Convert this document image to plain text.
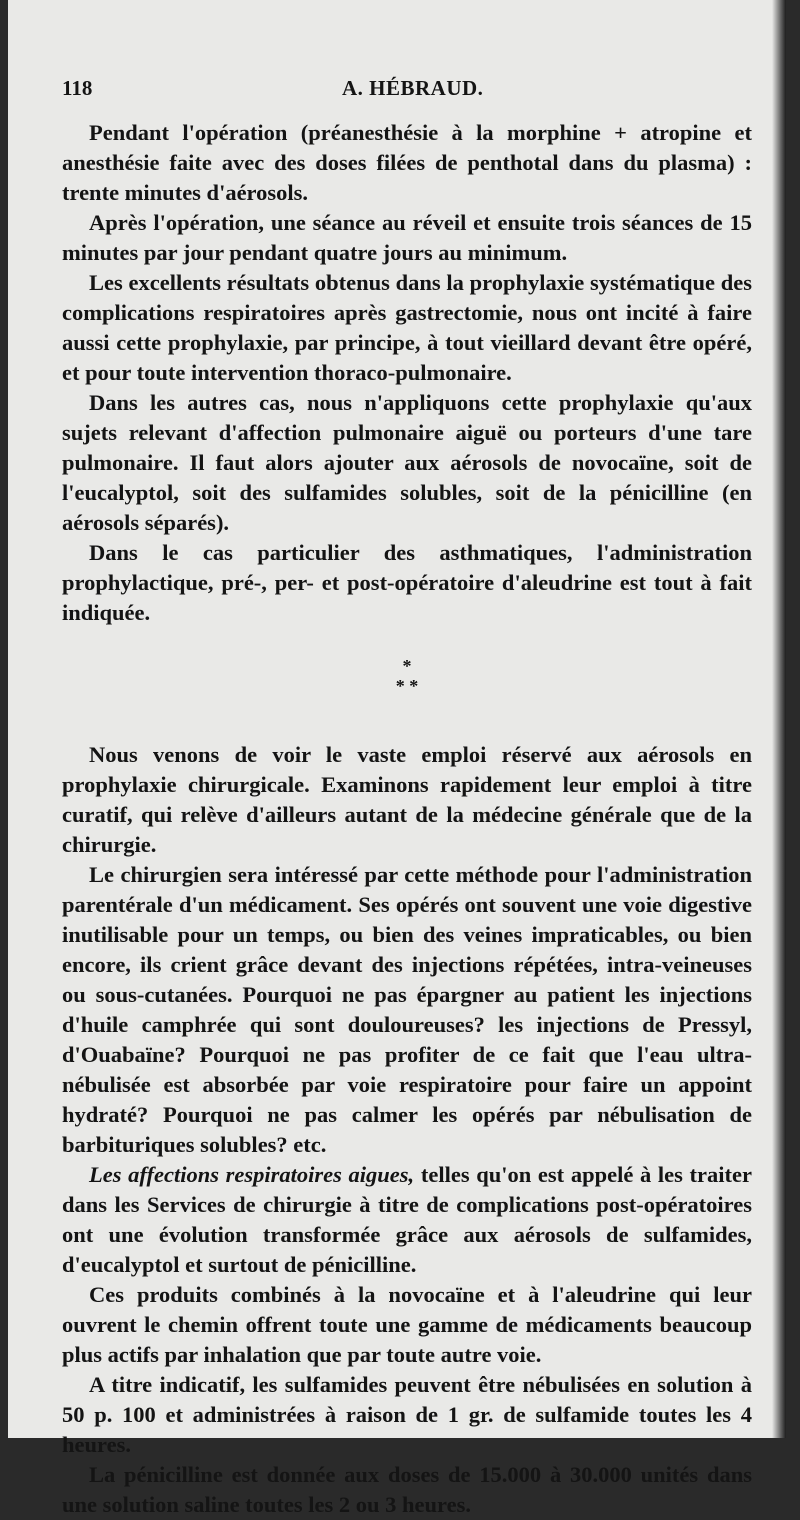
118	A. HÉBRAUD.

Pendant l'opération (préanesthésie à la morphine + atropine et anesthésie faite avec des doses filées de penthotal dans du plasma) : trente minutes d'aérosols.

Après l'opération, une séance au réveil et ensuite trois séances de 15 minutes par jour pendant quatre jours au minimum.

Les excellents résultats obtenus dans la prophylaxie systématique des complications respiratoires après gastrectomie, nous ont incité à faire aussi cette prophylaxie, par principe, à tout vieillard devant être opéré, et pour toute intervention thoraco-pulmonaire.

Dans les autres cas, nous n'appliquons cette prophylaxie qu'aux sujets relevant d'affection pulmonaire aiguë ou porteurs d'une tare pulmonaire. Il faut alors ajouter aux aérosols de novocaïne, soit de l'eucalyptol, soit des sulfamides solubles, soit de la pénicilline (en aérosols séparés).

Dans le cas particulier des asthmatiques, l'administration prophylactique, pré-, per- et post-opératoire d'aleudrine est tout à fait indiquée.

*
* *

Nous venons de voir le vaste emploi réservé aux aérosols en prophylaxie chirurgicale. Examinons rapidement leur emploi à titre curatif, qui relève d'ailleurs autant de la médecine générale que de la chirurgie.

Le chirurgien sera intéressé par cette méthode pour l'administration parentérale d'un médicament. Ses opérés ont souvent une voie digestive inutilisable pour un temps, ou bien des veines impraticables, ou bien encore, ils crient grâce devant des injections répétées, intra-veineuses ou sous-cutanées. Pourquoi ne pas épargner au patient les injections d'huile camphrée qui sont douloureuses? les injections de Pressyl, d'Ouabaïne? Pourquoi ne pas profiter de ce fait que l'eau ultra-nébulisée est absorbée par voie respiratoire pour faire un appoint hydraté? Pourquoi ne pas calmer les opérés par nébulisation de barbituriques solubles? etc.

Les affections respiratoires aigues, telles qu'on est appelé à les traiter dans les Services de chirurgie à titre de complications post-opératoires ont une évolution transformée grâce aux aérosols de sulfamides, d'eucalyptol et surtout de pénicilline.

Ces produits combinés à la novocaïne et à l'aleudrine qui leur ouvrent le chemin offrent toute une gamme de médicaments beaucoup plus actifs par inhalation que par toute autre voie.

A titre indicatif, les sulfamides peuvent être nébulisées en solution à 50 p. 100 et administrées à raison de 1 gr. de sulfamide toutes les 4 heures.

La pénicilline est donnée aux doses de 15.000 à 30.000 unités dans une solution saline toutes les 2 ou 3 heures.
